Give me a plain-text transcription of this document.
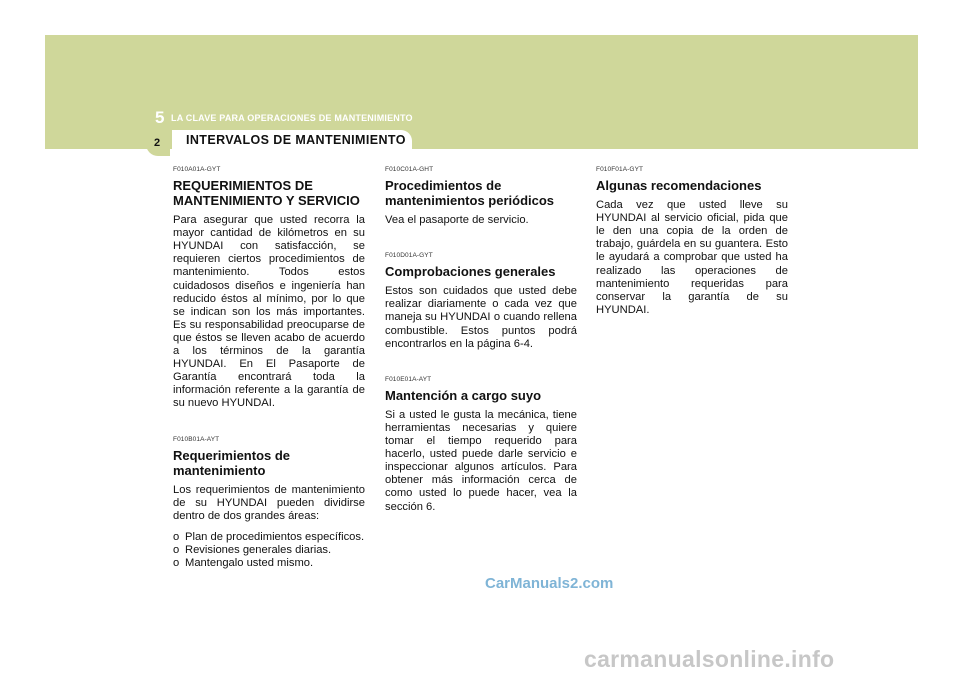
5 LA CLAVE PARA OPERACIONES DE MANTENIMIENTO
INTERVALOS DE MANTENIMIENTO
2
F010A01A-GYT
REQUERIMIENTOS DE MANTENIMIENTO Y SERVICIO

Para asegurar que usted recorra la mayor cantidad de kilómetros en su HYUNDAI con satisfacción, se requieren ciertos procedimientos de mantenimiento. Todos estos cuidadosos diseños e ingeniería han reducido éstos al mínimo, por lo que se indican son los más importantes. Es su responsabilidad preocuparse de que éstos se lleven acabo de acuerdo a los términos de la garantía HYUNDAI. En El Pasaporte de Garantía encontrará toda la información referente a la garantía de su nuevo HYUNDAI.

F010B01A-AYT
Requerimientos de mantenimiento

Los requerimientos de mantenimiento de su HYUNDAI pueden dividirse dentro de dos grandes áreas:

o Plan de procedimientos específicos.
o Revisiones generales diarias.
o Mantengalo usted mismo.
F010C01A-GHT
Procedimientos de mantenimientos periódicos

Vea el pasaporte de servicio.

F010D01A-GYT
Comprobaciones generales

Estos son cuidados que usted debe realizar diariamente o cada vez que maneja su HYUNDAI o cuando rellena combustible. Estos puntos podrá encontrarlos en la página 6-4.

F010E01A-AYT
Mantención a cargo suyo

Si a usted le gusta la mecánica, tiene herramientas necesarias y quiere tomar el tiempo requerido para hacerlo, usted puede darle servicio e inspeccionar algunos artículos. Para obtener más información cerca de como usted lo puede hacer, vea la sección 6.

F010F01A-GYT
Algunas recomendaciones

Cada vez que usted lleve su HYUNDAI al servicio oficial, pida que le den una copia de la orden de trabajo, guárdela en su guantera. Esto le ayudará a comprobar que usted ha realizado las operaciones de mantenimiento requeridas para conservar la garantía de su HYUNDAI.

CarManuals2.com
carmanualsonline.info
